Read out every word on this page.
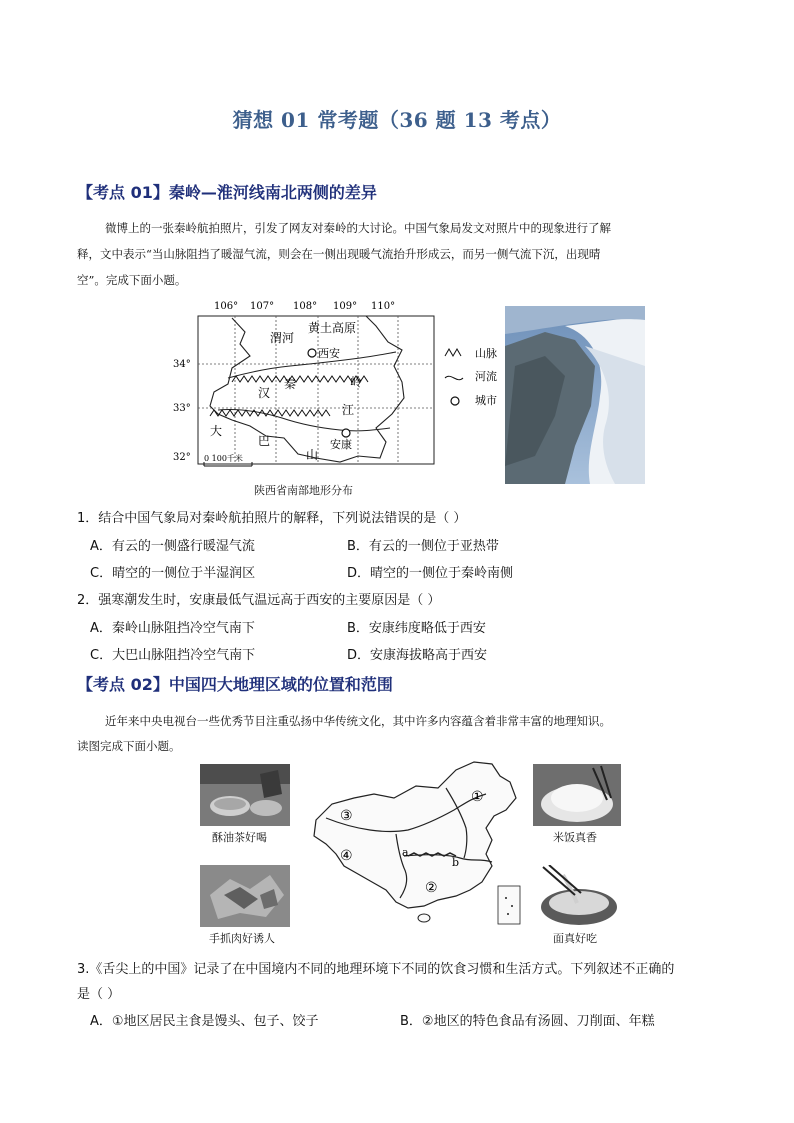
猜想 01 常考题（36 题 13 考点）
【考点 01】秦岭—淮河线南北两侧的差异
微博上的一张秦岭航拍照片，引发了网友对秦岭的大讨论。中国气象局发文对照片中的现象进行了解
释，文中表示“当山脉阻挡了暖湿气流，则会在一侧出现暖气流抬升形成云，而另一侧气流下沉，出现晴
空”。完成下面小题。
106° 107° 108° 109° 110°
34°
33°
32°
黄土高原
渭河
西安
汉
秦
江
岭
大
巴
山
安康
0 100千米
陕西省南部地形分布
山脉
河流
城市
1．结合中国气象局对秦岭航拍照片的解释，下列说法错误的是（ ）
A．有云的一侧盛行暖湿气流	B．有云的一侧位于亚热带
C．晴空的一侧位于半湿润区	D．晴空的一侧位于秦岭南侧
2．强寒潮发生时，安康最低气温远高于西安的主要原因是（ ）
A．秦岭山脉阻挡冷空气南下	B．安康纬度略低于西安
C．大巴山脉阻挡冷空气南下	D．安康海拔略高于西安
【考点 02】中国四大地理区域的位置和范围
近年来中央电视台一些优秀节目注重弘扬中华传统文化，其中许多内容蕴含着非常丰富的地理知识。
读图完成下面小题。
酥油茶好喝	米饭真香
手抓肉好诱人	面真好吃
①
②
③
④	a
b
3.《舌尖上的中国》记录了在中国境内不同的地理环境下不同的饮食习惯和生活方式。下列叙述不正确的
是（ ）
A．①地区居民主食是馒头、包子、饺子	B．②地区的特色食品有汤圆、刀削面、年糕
